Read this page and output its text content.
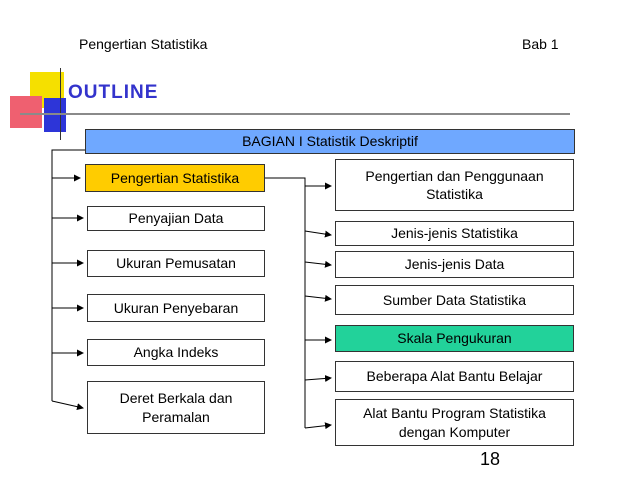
Pengertian Statistika	Bab 1
OUTLINE
BAGIAN I Statistik Deskriptif
Pengertian Statistika
Penyajian Data
Ukuran Pemusatan
Ukuran Penyebaran
Angka Indeks
Deret Berkala dan Peramalan
Pengertian dan Penggunaan Statistika
Jenis-jenis Statistika
Jenis-jenis Data
Sumber Data Statistika
Skala Pengukuran
Beberapa Alat Bantu Belajar
Alat Bantu Program Statistika dengan Komputer
18
